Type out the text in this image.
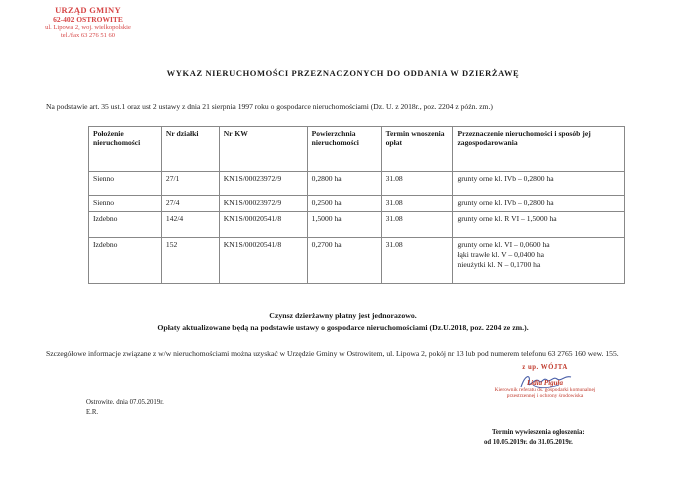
URZĄD GMINY
62-402 OSTROWITE
ul. Lipowa 2, woj. wielkopolskie
tel./fax 63 276 51 60
WYKAZ NIERUCHOMOŚCI PRZEZNACZONYCH DO ODDANIA W DZIERŻAWĘ
Na podstawie art. 35 ust.1 oraz ust 2 ustawy z dnia 21 sierpnia 1997 roku o gospodarce nieruchomościami (Dz. U. z 2018r., poz. 2204 z późn. zm.)
Położenie nieruchomości	Nr działki	Nr KW	Powierzchnia nieruchomości	Termin wnoszenia opłat	Przeznaczenie nieruchomości i sposób jej zagospodarowania
Sienno	27/1	KN1S/00023972/9	0,2800 ha	31.08	grunty orne kl. IVb – 0,2800 ha

Sienno	27/4	KN1S/00023972/9	0,2500 ha	31.08	grunty orne kl. IVb – 0,2800 ha

Izdebno	142/4	KN1S/00020541/8	1,5000 ha	31.08	grunty orne kl. R VI – 1,5000 ha

Izdebno	152	KN1S/00020541/8	0,2700 ha	31.08	grunty orne kl. VI – 0,0600 ha
łąki trawłe kl. V – 0,0400 ha
nieużytki kl. N – 0,1700 ha
Czynsz dzierżawny płatny jest jednorazowo.
Opłaty aktualizowane będą na podstawie ustawy o gospodarce nieruchomościami (Dz.U.2018, poz. 2204 ze zm.).
Szczegółowe informacje związane z w/w nieruchomościami można uzyskać w Urzędzie Gminy w Ostrowitem, ul. Lipowa 2, pokój nr 13 lub pod numerem telefonu 63 2765 160 wew. 155.
Ostrowite. dnia 07.05.2019r.
E.R.
z up. WÓJTA
Lidia Piguła
Kierownik referatu ds. gospodarki komunalnej
przestrzennej i ochrony środowiska
Termin wywieszenia ogłoszenia:
od 10.05.2019r. do 31.05.2019r.
